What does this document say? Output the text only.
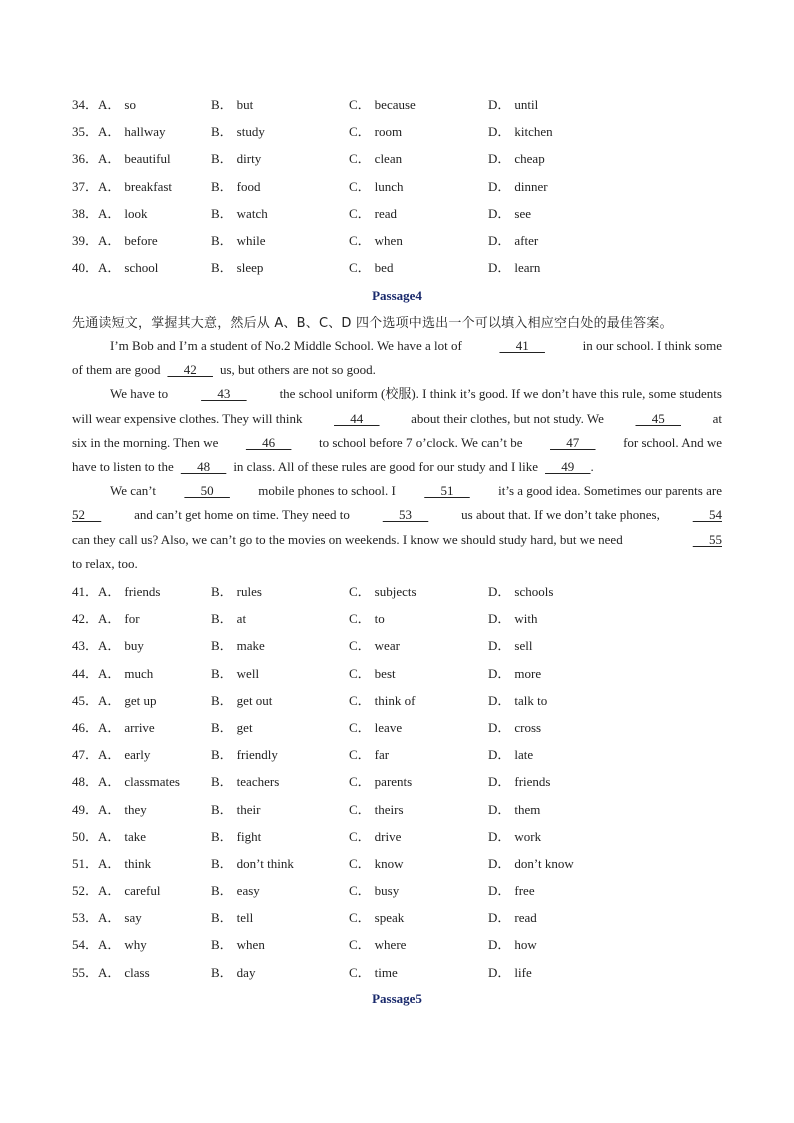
34．A． so	B． but	C． because	D． until
35．A． hallway	B． study	C． room	D． kitchen
36．A． beautiful	B． dirty	C． clean	D． cheap
37．A． breakfast	B． food	C． lunch	D． dinner
38．A． look	B． watch	C． read	D． see
39．A． before	B． while	C． when	D． after
40．A． school	B． sleep	C． bed	D． learn
Passage4
先通读短文，掌握其大意，然后从 A、B、C、D 四个选项中选出一个可以填入相应空白处的最佳答案。
I’m Bob and I’m a student of No.2 Middle School. We have a lot of	41	in our school. I think some
of them are good 42 us, but others are not so good.
We have to	43	the school uniform (校服). I think it’s good. If we don’t have this rule, some students
will wear expensive clothes. They will think 44 about their clothes, but not study. We 45 at
six in the morning. Then we 46 to school before 7 o’clock. We can’t be 47 for school. And we
have to listen to the 48 in class. All of these rules are good for our study and I like 49     .
We can’t 50 mobile phones to school. I 51 it’s a good idea. Sometimes our parents are
52	and can’t get home on time. They need to	53	us about that. If we don’t take phones,	54
can they call us? Also, we can’t go to the movies on weekends. I know we should study hard, but we need	55
to relax, too.
41．A． friends	B． rules	C． subjects	D． schools
42．A． for	B． at	C． to	D． with
43．A． buy	B． make	C． wear	D． sell
44．A． much	B． well	C． best	D． more
45．A． get up	B． get out	C． think of	D． talk to
46．A． arrive	B． get	C． leave	D． cross
47．A． early	B． friendly	C． far	D． late
48．A． classmates B． teachers	C． parents	D． friends
49．A． they	B． their	C． theirs	D． them
50．A． take	B． fight	C． drive	D． work
51．A． think	B． don’t think	C． know	D． don’t know
52．A． careful	B． easy	C． busy	D． free
53．A． say	B． tell	C． speak	D． read
54．A． why	B． when	C． where	D． how
55．A． class	B． day	C． time	D． life
Passage5
